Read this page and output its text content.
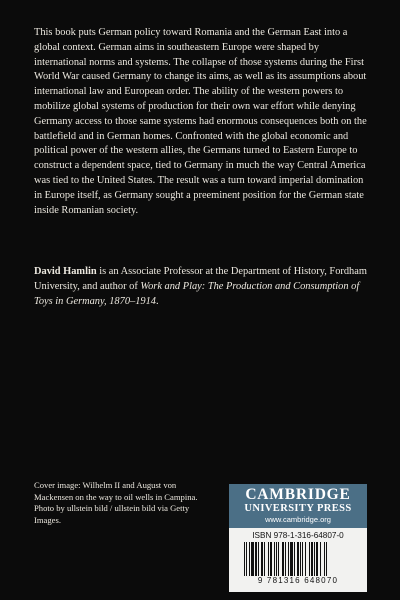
This book puts German policy toward Romania and the German East into a global context. German aims in southeastern Europe were shaped by international norms and systems. The collapse of those systems during the First World War caused Germany to change its aims, as well as its assumptions about international law and European order. The ability of the western powers to mobilize global systems of production for their own war effort while denying Germany access to those same systems had enormous consequences both on the battlefield and in German homes. Confronted with the global economic and political power of the western allies, the Germans turned to Eastern Europe to construct a dependent space, tied to Germany in much the way Central America was tied to the United States. The result was a turn toward imperial domination in Europe itself, as Germany sought a preeminent position for the German state inside Romanian society.

David Hamlin is an Associate Professor at the Department of History, Fordham University, and author of Work and Play: The Production and Consumption of Toys in Germany, 1870–1914.

Cover image: Wilhelm II and August von Mackensen on the way to oil wells in Campina. Photo by ullstein bild / ullstein bild via Getty Images.

CAMBRIDGE
UNIVERSITY PRESS
www.cambridge.org
ISBN 978-1-316-64807-0
9 781316 648070
